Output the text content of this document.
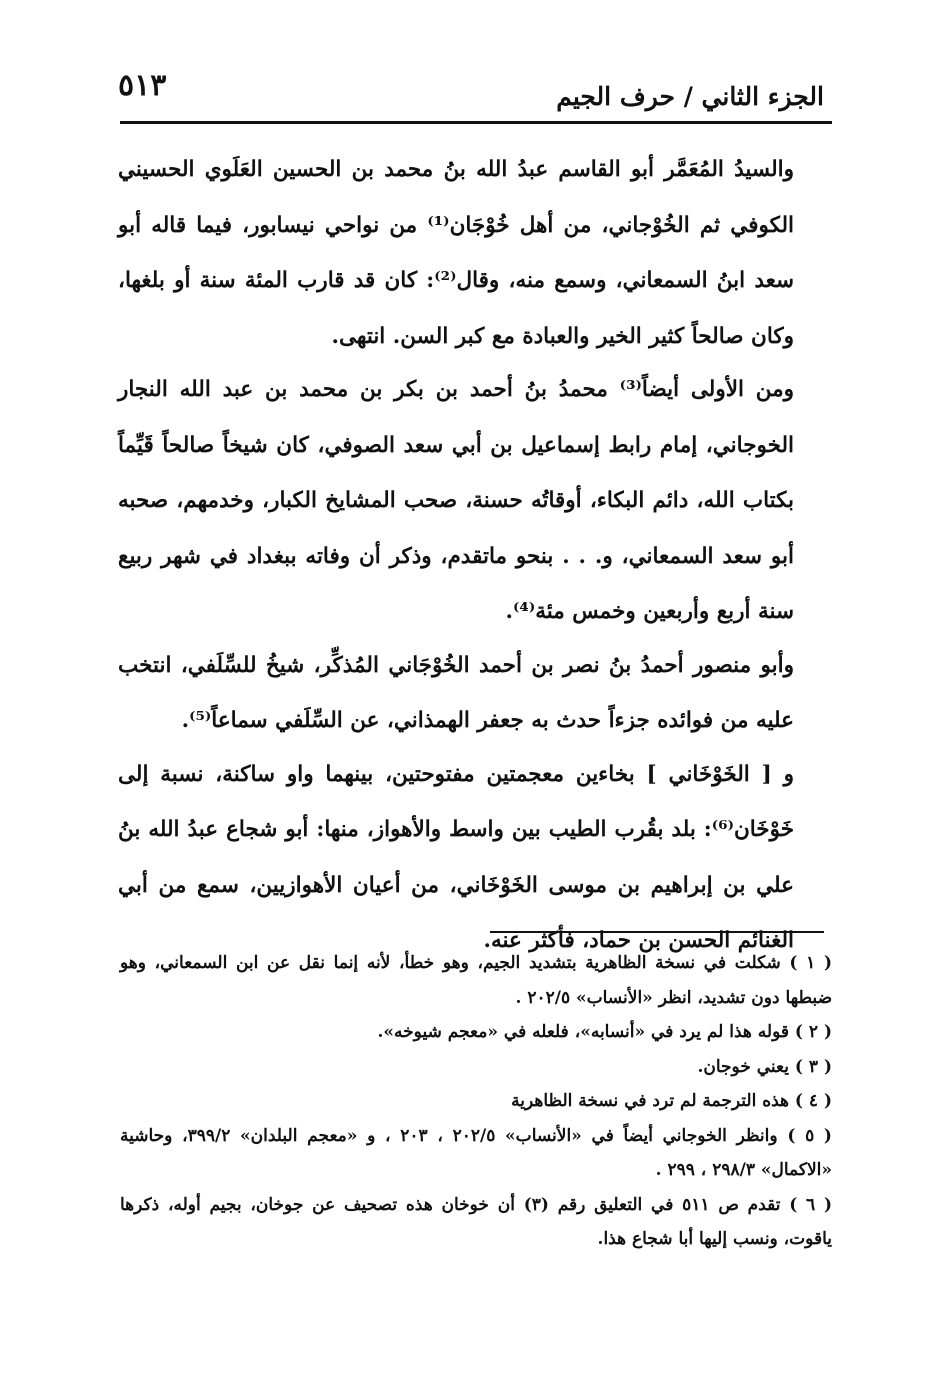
٥١٣	الجزء الثاني / حرف الجيم

والسيدُ المُعَمَّر أبو القاسم عبدُ الله بنُ محمد بن الحسين العَلَوي الحسيني الكوفي ثم الخُوْجاني، من أهل خُوْجَان⁽¹⁾ من نواحي نيسابور، فيما قاله أبو سعد ابنُ السمعاني، وسمع منه، وقال⁽²⁾: كان قد قارب المئة سنة أو بلغها، وكان صالحاً كثير الخير والعبادة مع كبر السن. انتهى.

ومن الأولى أيضاً⁽³⁾ محمدُ بنُ أحمد بن بكر بن محمد بن عبد الله النجار الخوجاني، إمام رابط إسماعيل بن أبي سعد الصوفي، كان شيخاً صالحاً قَيِّماً بكتاب الله، دائم البكاء، أوقاتُه حسنة، صحب المشايخ الكبار، وخدمهم، صحبه أبو سعد السمعاني، و. . . بنحو ماتقدم، وذكر أن وفاته ببغداد في شهر ربيع سنة أربع وأربعين وخمس مئة⁽⁴⁾.

وأبو منصور أحمدُ بنُ نصر بن أحمد الخُوْجَاني المُذكِّر، شيخُ للسِّلَفي، انتخب عليه من فوائده جزءاً حدث به جعفر الهمذاني، عن السِّلَفي سماعاً⁽⁵⁾.

و [ الخَوْخَاني ] بخاءين معجمتين مفتوحتين، بينهما واو ساكنة، نسبة إلى خَوْخَان⁽⁶⁾: بلد بقُرب الطيب بين واسط والأهواز، منها: أبو شجاع عبدُ الله بنُ علي بن إبراهيم بن موسى الخَوْخَاني، من أعيان الأهوازيين، سمع من أبي الغنائم الحسن بن حماد، فأكثر عنه.

( ١ ) شكلت في نسخة الظاهرية بتشديد الجيم، وهو خطأ، لأنه إنما نقل عن ابن السمعاني، وهو ضبطها دون تشديد، انظر «الأنساب» ٢٠٢/٥ .

( ٢ ) قوله هذا لم يرد في «أنسابه»، فلعله في «معجم شيوخه».

( ٣ ) يعني خوجان.

( ٤ ) هذه الترجمة لم ترد في نسخة الظاهرية

( ٥ ) وانظر الخوجاني أيضاً في «الأنساب» ٢٠٢/٥ ، ٢٠٣ ، و «معجم البلدان» ٣٩٩/٢، وحاشية «الاكمال» ٢٩٨/٣ ، ٢٩٩ .

( ٦ ) تقدم ص ٥١١ في التعليق رقم (٣) أن خوخان هذه تصحيف عن جوخان، بجيم أوله، ذكرها ياقوت، ونسب إليها أبا شجاع هذا.
